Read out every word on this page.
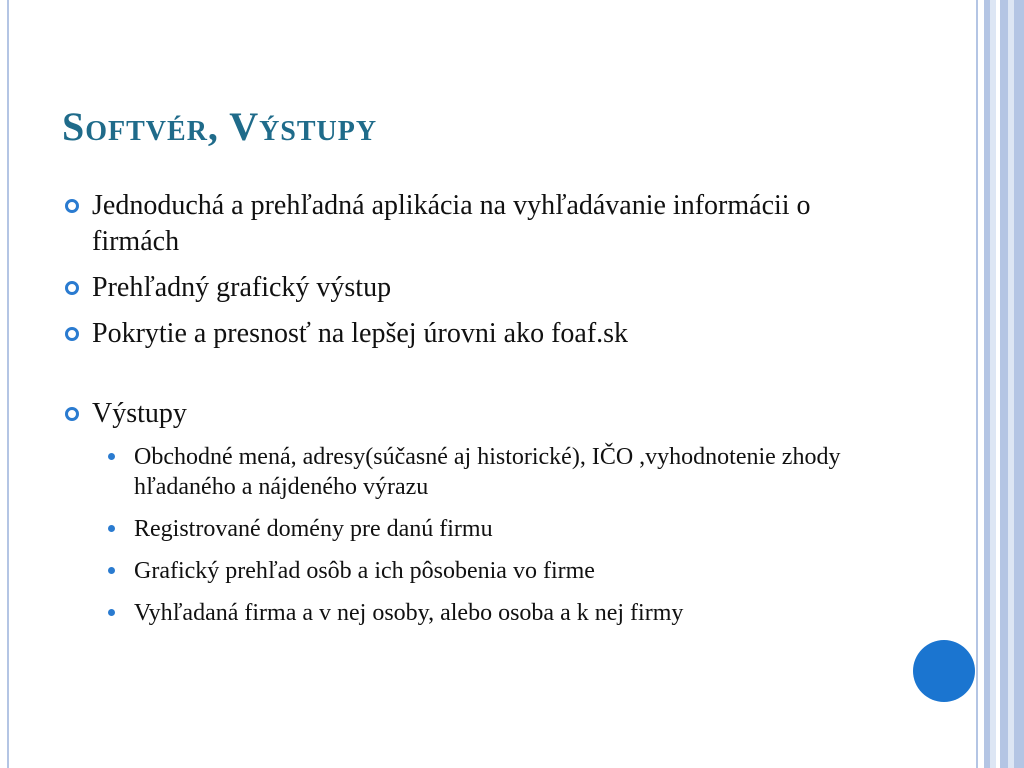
Softvér, Výstupy
Jednoduchá a prehľadná aplikácia na vyhľadávanie informácii o firmách
Prehľadný grafický výstup
Pokrytie a presnosť na lepšej úrovni ako foaf.sk
Výstupy
Obchodné mená, adresy(súčasné aj historické), IČO ,vyhodnotenie zhody hľadaného a nájdeného výrazu
Registrované domény pre danú firmu
Grafický prehľad osôb a ich pôsobenia vo firme
Vyhľadaná firma a v nej osoby, alebo osoba a k nej firmy
